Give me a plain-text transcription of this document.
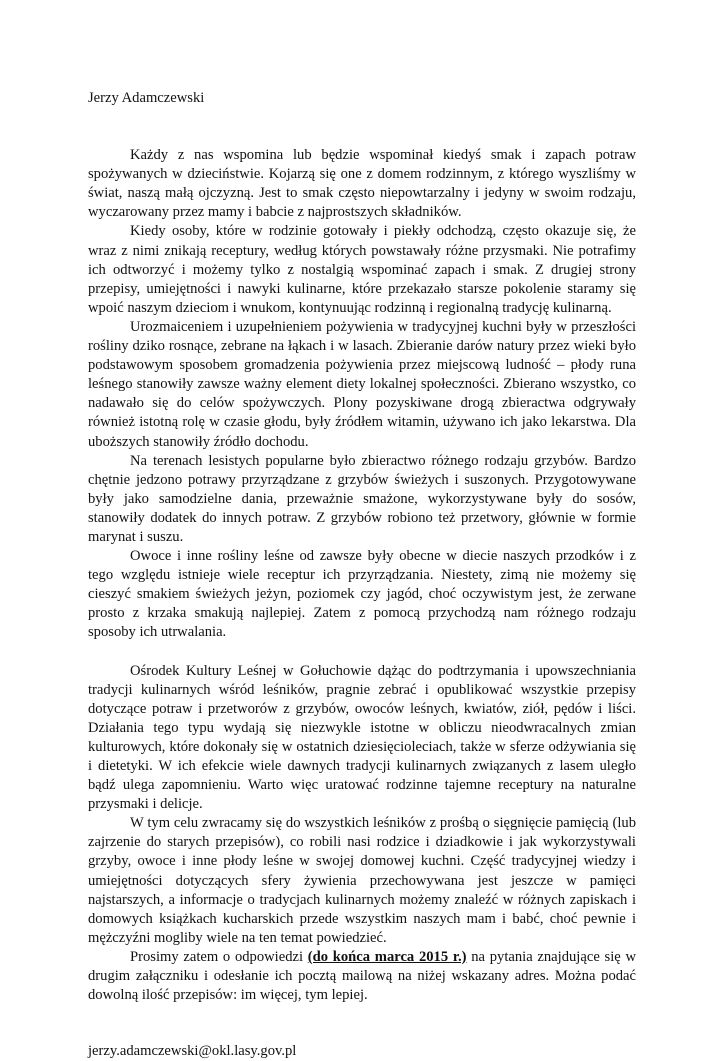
Jerzy Adamczewski

Każdy z nas wspomina lub będzie wspominał kiedyś smak i zapach potraw spożywanych w dzieciństwie. Kojarzą się one z domem rodzinnym, z którego wyszliśmy w świat, naszą małą ojczyzną. Jest to smak często niepowtarzalny i jedyny w swoim rodzaju, wyczarowany przez mamy i babcie z najprostszych składników.

Kiedy osoby, które w rodzinie gotowały i piekły odchodzą, często okazuje się, że wraz z nimi znikają receptury, według których powstawały różne przysmaki. Nie potrafimy ich odtworzyć i możemy tylko z nostalgią wspominać zapach i smak. Z drugiej strony przepisy, umiejętności i nawyki kulinarne, które przekazało starsze pokolenie staramy się wpoić naszym dzieciom i wnukom, kontynuując rodzinną i regionalną tradycję kulinarną.

Urozmaiceniem i uzupełnieniem pożywienia w tradycyjnej kuchni były w przeszłości rośliny dziko rosnące, zebrane na łąkach i w lasach. Zbieranie darów natury przez wieki było podstawowym sposobem gromadzenia pożywienia przez miejscową ludność – płody runa leśnego stanowiły zawsze ważny element diety lokalnej społeczności. Zbierano wszystko, co nadawało się do celów spożywczych. Plony pozyskiwane drogą zbieractwa odgrywały również istotną rolę w czasie głodu, były źródłem witamin, używano ich jako lekarstwa. Dla uboższych stanowiły źródło dochodu.

Na terenach lesistych popularne było zbieractwo różnego rodzaju grzybów. Bardzo chętnie jedzono potrawy przyrządzane z grzybów świeżych i suszonych. Przygotowywane były jako samodzielne dania, przeważnie smażone, wykorzystywane były do sosów, stanowiły dodatek do innych potraw. Z grzybów robiono też przetwory, głównie w formie marynat i suszu.

Owoce i inne rośliny leśne od zawsze były obecne w diecie naszych przodków i z tego względu istnieje wiele receptur ich przyrządzania. Niestety, zimą nie możemy się cieszyć smakiem świeżych jeżyn, poziomek czy jagód, choć oczywistym jest, że zerwane prosto z krzaka smakują najlepiej. Zatem z pomocą przychodzą nam różnego rodzaju sposoby ich utrwalania.

Ośrodek Kultury Leśnej w Gołuchowie dążąc do podtrzymania i upowszechniania tradycji kulinarnych wśród leśników, pragnie zebrać i opublikować wszystkie przepisy dotyczące potraw i przetworów z grzybów, owoców leśnych, kwiatów, ziół, pędów i liści. Działania tego typu wydają się niezwykle istotne w obliczu nieodwracalnych zmian kulturowych, które dokonały się w ostatnich dziesięcioleciach, także w sferze odżywiania się i dietetyki. W ich efekcie wiele dawnych tradycji kulinarnych związanych z lasem uległo bądź ulega zapomnieniu. Warto więc uratować rodzinne tajemne receptury na naturalne przysmaki i delicje.

W tym celu zwracamy się do wszystkich leśników z prośbą o sięgnięcie pamięcią (lub zajrzenie do starych przepisów), co robili nasi rodzice i dziadkowie i jak wykorzystywali grzyby, owoce i inne płody leśne w swojej domowej kuchni. Część tradycyjnej wiedzy i umiejętności dotyczących sfery żywienia przechowywana jest jeszcze w pamięci najstarszych, a informacje o tradycjach kulinarnych możemy znaleźć w różnych zapiskach i domowych książkach kucharskich przede wszystkim naszych mam i babć, choć pewnie i mężczyźni mogliby wiele na ten temat powiedzieć.

Prosimy zatem o odpowiedzi (do końca marca 2015 r.) na pytania znajdujące się w drugim załączniku i odesłanie ich pocztą mailową na niżej wskazany adres. Można podać dowolną ilość przepisów: im więcej, tym lepiej.

jerzy.adamczewski@okl.lasy.gov.pl
